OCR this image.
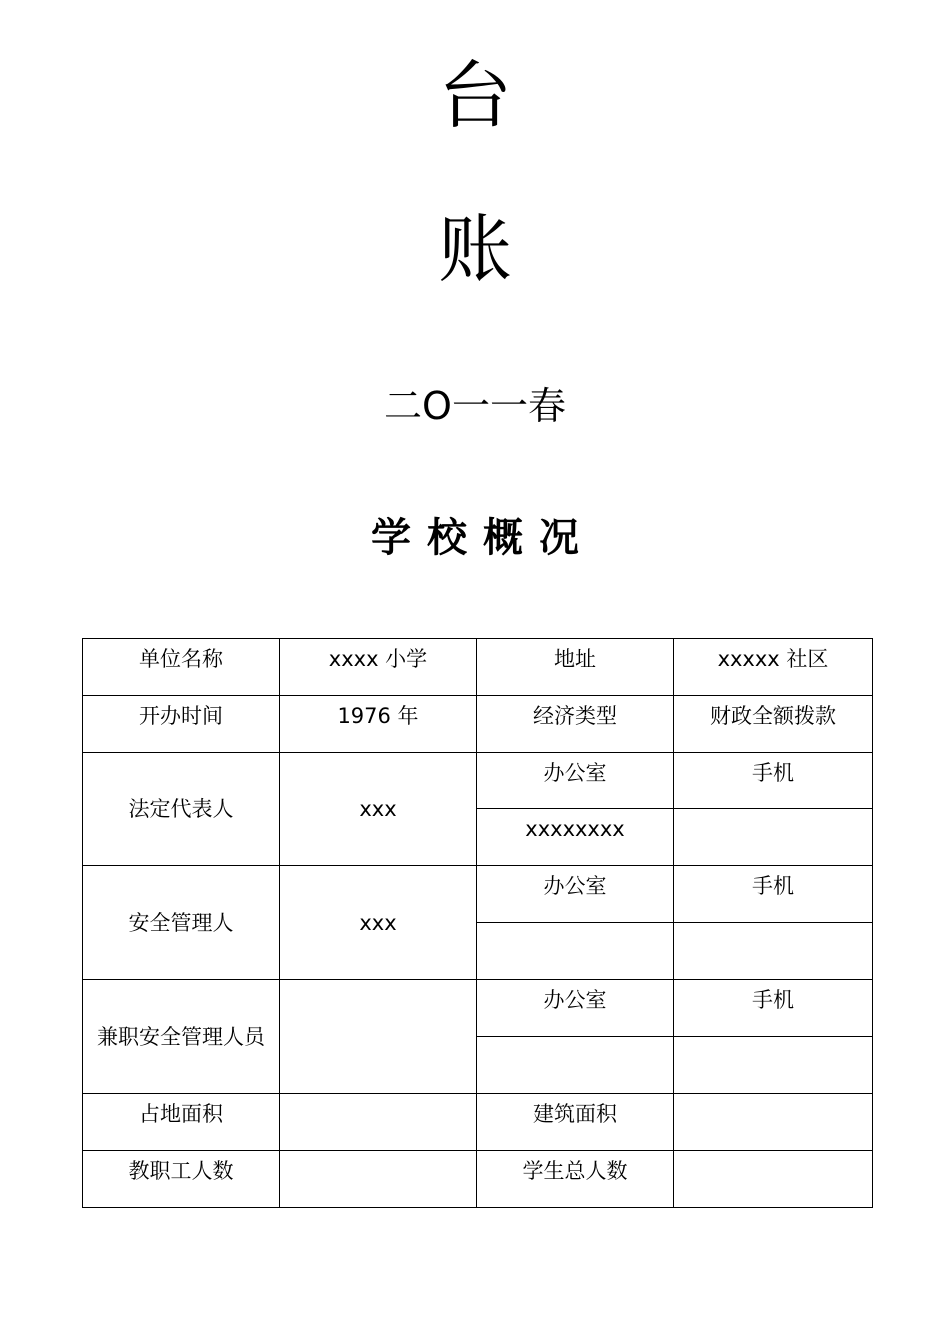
台
账
二O一一春
学校概况
单位名称	xxxx 小学	地址	xxxxx 社区
开办时间	1976 年	经济类型	财政全额拨款
法定代表人	xxx	办公室	手机
		xxxxxxxx	
安全管理人	xxx	办公室	手机

兼职安全管理人员		办公室	手机

占地面积		建筑面积	
教职工人数		学生总人数	
